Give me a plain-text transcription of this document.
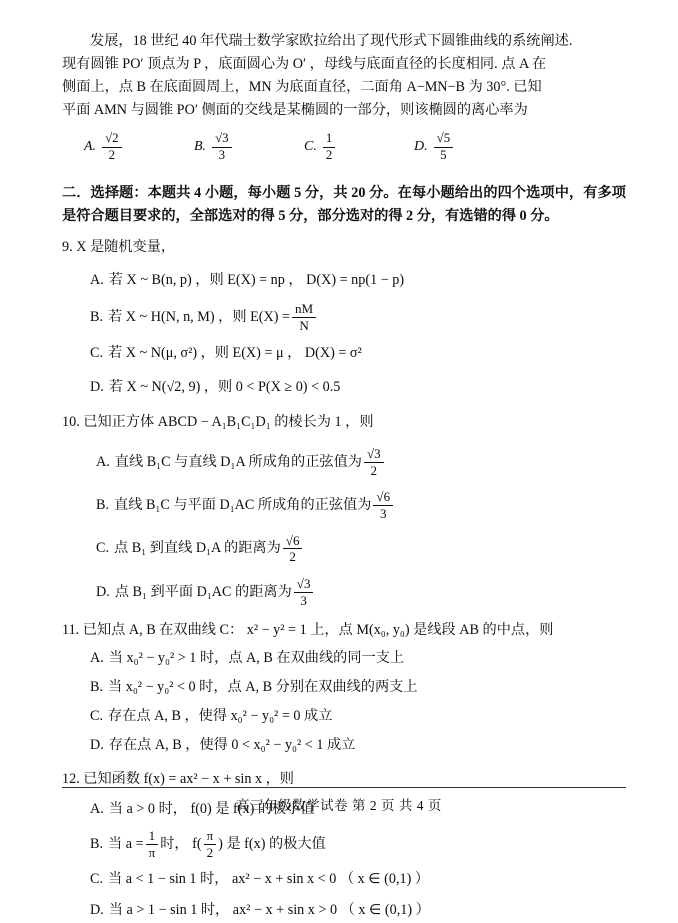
发展，18 世纪 40 年代瑞士数学家欧拉给出了现代形式下圆锥曲线的系统阐述.
现有圆锥 PO′ 顶点为 P ，底面圆心为 O′ ，母线与底面直径的长度相同. 点 A 在
侧面上，点 B 在底面圆周上，MN 为底面直径，二面角 A−MN−B 为 30°. 已知
平面 AMN 与圆锥 PO′ 侧面的交线是某椭圆的一部分，则该椭圆的离心率为
A. $\frac{√2}{2}$	B. $\frac{√3}{3}$	C. $\frac{1}{2}$	D. $\frac{√5}{5}$
二．选择题：本题共 4 小题，每小题 5 分，共 20 分。在每小题给出的四个选项中，有多项是符合题目要求的，全部选对的得 5 分，部分选对的得 2 分，有选错的得 0 分。
9. X 是随机变量，
A. 若 X ~ B(n, p) ，则 E(X) = np ， D(X) = np(1 − p)
B. 若 X ~ H(N, n, M) ，则 $E(X) = \frac{nM}{N}$
C. 若 X ~ N(μ, σ²) ，则 E(X) = μ ， D(X) = σ²
D. 若 X ~ N(√2, 9) ，则 0 < P(X ≥ 0) < 0.5
10. 已知正方体 ABCD − A₁B₁C₁D₁ 的棱长为 1 ，则
A. 直线 B₁C 与直线 D₁A 所成角的正弦值为 $\frac{√3}{2}$
B. 直线 B₁C 与平面 D₁AC 所成角的正弦值为 $\frac{√6}{3}$
C. 点 B₁ 到直线 D₁A 的距离为 $\frac{√6}{2}$
D. 点 B₁ 到平面 D₁AC 的距离为 $\frac{√3}{3}$
11. 已知点 A, B 在双曲线 C： x² − y² = 1 上，点 M(x₀, y₀) 是线段 AB 的中点，则
A. 当 x₀² − y₀² > 1 时，点 A, B 在双曲线的同一支上
B. 当 x₀² − y₀² < 0 时，点 A, B 分别在双曲线的两支上
C. 存在点 A, B ，使得 x₀² − y₀² = 0 成立
D. 存在点 A, B ，使得 0 < x₀² − y₀² < 1 成立
12. 已知函数 f(x) = ax² − x + sin x ，则
A. 当 a > 0 时， f(0) 是 f(x) 的极小值
B. 当 $a = \frac{1}{\pi}$ 时， $f( \frac{\pi}{2}$ ) 是 f(x) 的极大值
C. 当 a < 1 − sin 1 时， ax² − x + sin x < 0 （ x ∈ (0,1) ）
D. 当 a > 1 − sin 1 时， ax² − x + sin x > 0 （ x ∈ (0,1) ）
高三年级数学试卷 第 2 页 共 4 页
